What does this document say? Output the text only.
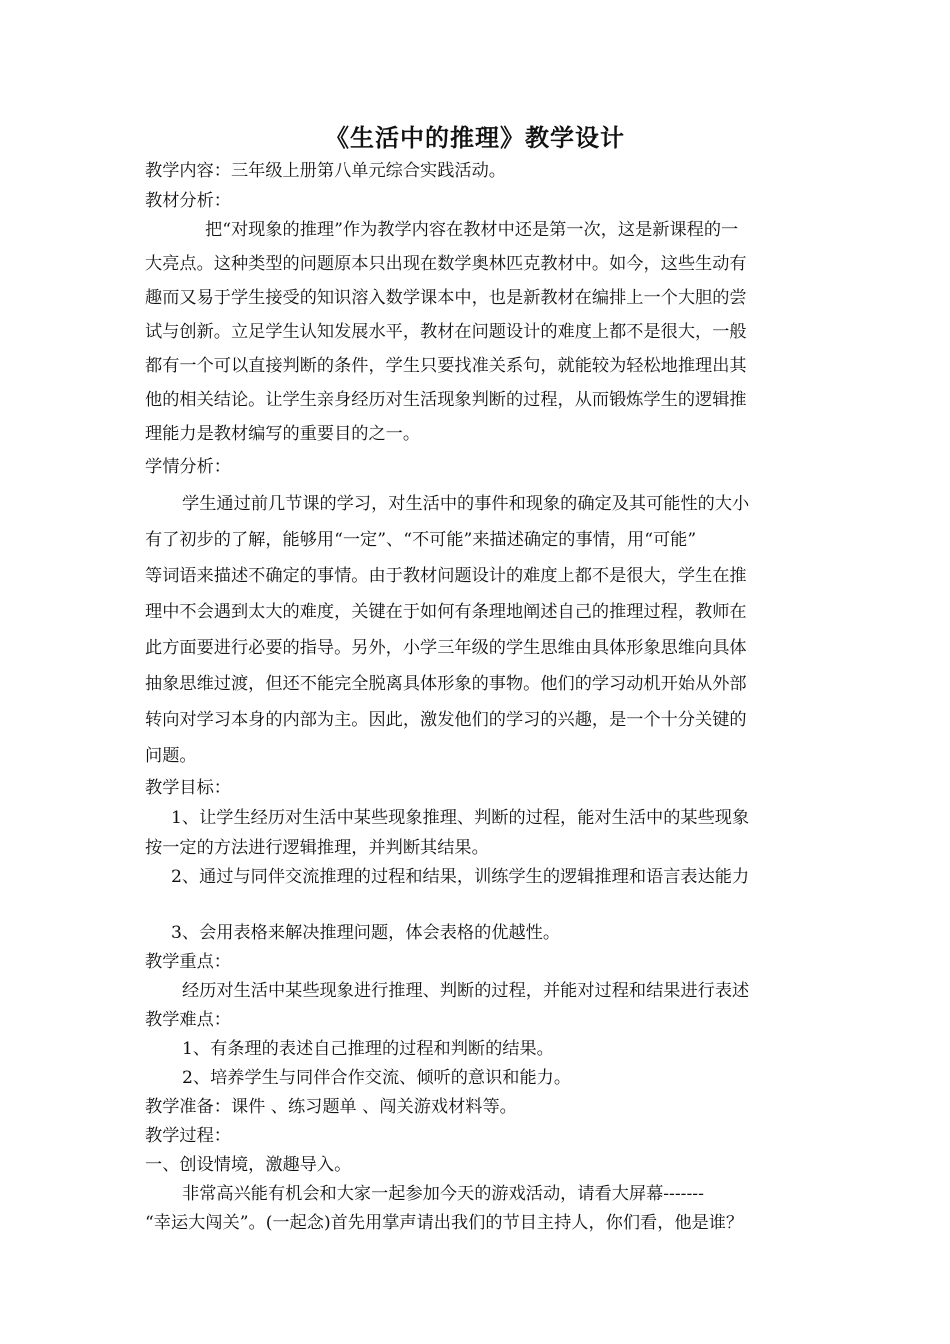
《生活中的推理》教学设计
教学内容：三年级上册第八单元综合实践活动。
教材分析：
把“对现象的推理”作为教学内容在教材中还是第一次，这是新课程的一
大亮点。这种类型的问题原本只出现在数学奥林匹克教材中。如今，这些生动有
趣而又易于学生接受的知识溶入数学课本中，也是新教材在编排上一个大胆的尝
试与创新。立足学生认知发展水平，教材在问题设计的难度上都不是很大，一般
都有一个可以直接判断的条件，学生只要找准关系句，就能较为轻松地推理出其
他的相关结论。让学生亲身经历对生活现象判断的过程，从而锻炼学生的逻辑推
理能力是教材编写的重要目的之一。
学情分析：
学生通过前几节课的学习，对生活中的事件和现象的确定及其可能性的大小
有了初步的了解，能够用“一定”、“不可能”来描述确定的事情，用“可能”
等词语来描述不确定的事情。由于教材问题设计的难度上都不是很大，学生在推
理中不会遇到太大的难度，关键在于如何有条理地阐述自己的推理过程，教师在
此方面要进行必要的指导。另外，小学三年级的学生思维由具体形象思维向具体
抽象思维过渡，但还不能完全脱离具体形象的事物。他们的学习动机开始从外部
转向对学习本身的内部为主。因此，激发他们的学习的兴趣，是一个十分关键的
问题。
教学目标：
1、让学生经历对生活中某些现象推理、判断的过程，能对生活中的某些现象
按一定的方法进行逻辑推理，并判断其结果。
2、通过与同伴交流推理的过程和结果，训练学生的逻辑推理和语言表达能力
3、会用表格来解决推理问题，体会表格的优越性。
教学重点：
经历对生活中某些现象进行推理、判断的过程，并能对过程和结果进行表述
教学难点：
1、有条理的表述自己推理的过程和判断的结果。
2、培养学生与同伴合作交流、倾听的意识和能力。
教学准备：课件 、练习题单 、闯关游戏材料等。
教学过程：
一、创设情境，激趣导入。
非常高兴能有机会和大家一起参加今天的游戏活动，请看大屏幕-------
“幸运大闯关”。(一起念)首先用掌声请出我们的节目主持人，你们看，他是谁？
